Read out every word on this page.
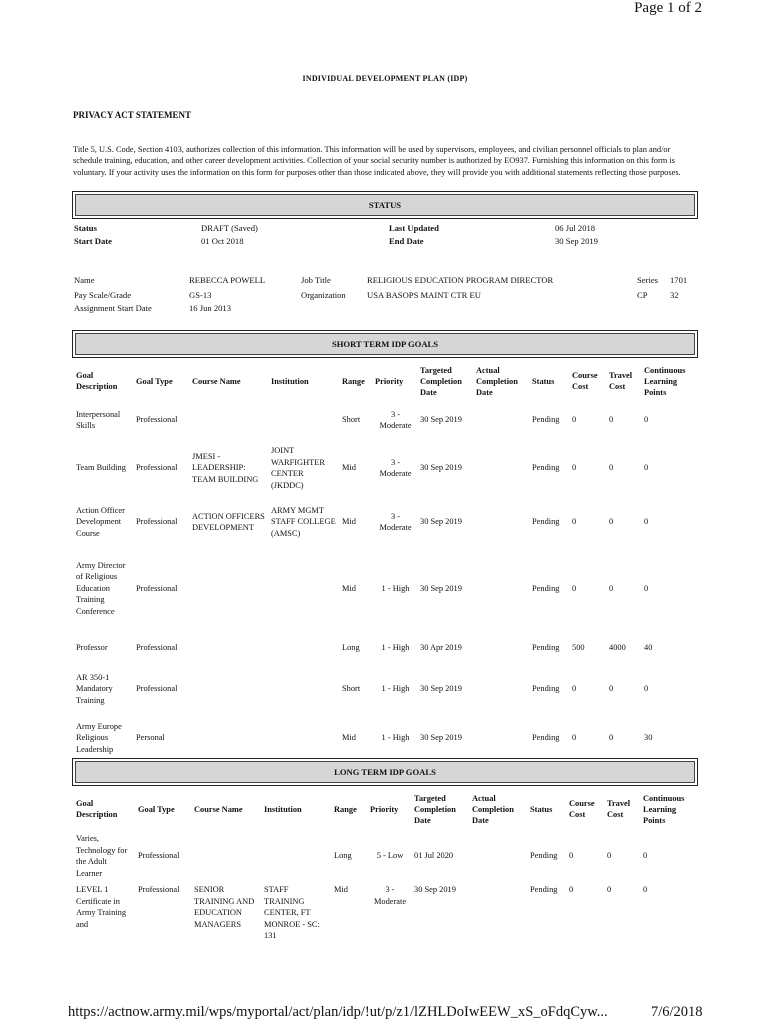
Page 1 of 2
INDIVIDUAL DEVELOPMENT PLAN (IDP)
PRIVACY ACT STATEMENT
Title 5, U.S. Code, Section 4103, authorizes collection of this information. This information will be used by supervisors, employees, and civilian personnel officials to plan and/or schedule training, education, and other career development activities. Collection of your social security number is authorized by EO937. Furnishing this information on this form is voluntary. If your activity uses the information on this form for purposes other than those indicated above, they will provide you with additional statements reflecting those purposes.
STATUS
Status	DRAFT (Saved)	Last Updated	06 Jul 2018
Start Date	01 Oct 2018	End Date	30 Sep 2019
Name	REBECCA POWELL	Job Title	RELIGIOUS EDUCATION PROGRAM DIRECTOR	Series 1701
Pay Scale/Grade	GS-13	Organization USA BASOPS MAINT CTR EU	CP	32
Assignment Start Date	16 Jun 2013
SHORT TERM IDP GOALS
Goal Description	Goal Type	Course Name	Institution	Range	Priority	Targeted Completion Date	Actual Completion Date	Status	Course Cost	Travel Cost	Continuous Learning Points
Interpersonal Skills	Professional			Short	3 - Moderate	30 Sep 2019		Pending	0	0	0
Team Building	Professional	JMESI - LEADERSHIP: TEAM BUILDING	JOINT WARFIGHTER CENTER (JKDDC)	Mid	3 - Moderate	30 Sep 2019		Pending	0	0	0
Action Officer Development Course	Professional	ACTION OFFICERS DEVELOPMENT	ARMY MGMT STAFF COLLEGE (AMSC)	Mid	3 - Moderate	30 Sep 2019		Pending	0	0	0
Army Director of Religious Education Training Conference	Professional			Mid	1 - High	30 Sep 2019		Pending	0	0	0
Professor	Professional			Long	1 - High	30 Apr 2019		Pending	500	4000	40
AR 350-1 Mandatory Training	Professional			Short	1 - High	30 Sep 2019		Pending	0	0	0
Army Europe Religious Leadership	Personal			Mid	1 - High	30 Sep 2019		Pending	0	0	30
LONG TERM IDP GOALS
Goal Description	Goal Type	Course Name	Institution	Range	Priority	Targeted Completion Date	Actual Completion Date	Status	Course Cost	Travel Cost	Continuous Learning Points
Varies, Technology for the Adult Learner	Professional			Long	5 - Low	01 Jul 2020		Pending	0	0	0
LEVEL 1 Certificate in Army Training and	Professional	SENIOR TRAINING AND EDUCATION MANAGERS	STAFF TRAINING CENTER, FT MONROE - SC: 131	Mid	3 - Moderate	30 Sep 2019		Pending	0	0	0
https://actnow.army.mil/wps/myportal/act/plan/idp/!ut/p/z1/lZHLDoIwEEW_xS_oFdqCyw...	7/6/2018
